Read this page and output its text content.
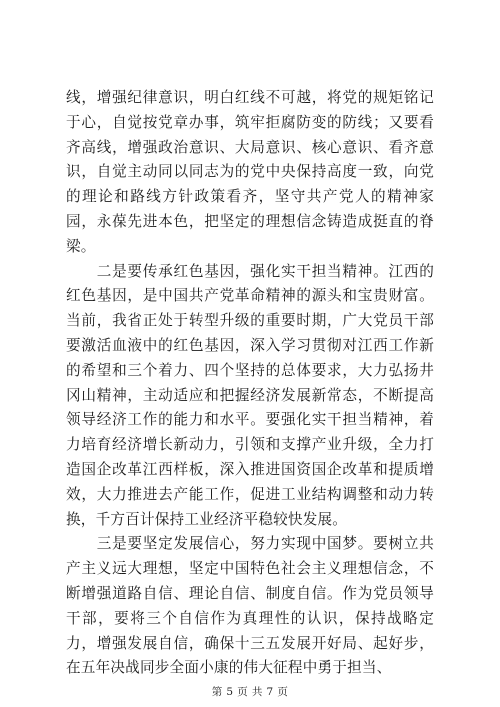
线，增强纪律意识，明白红线不可越，将党的规矩铭记于心，自觉按党章办事，筑牢拒腐防变的防线；又要看齐高线，增强政治意识、大局意识、核心意识、看齐意识，自觉主动同以同志为的党中央保持高度一致，向党的理论和路线方针政策看齐，坚守共产党人的精神家园，永葆先进本色，把坚定的理想信念铸造成挺直的脊梁。

　　二是要传承红色基因，强化实干担当精神。江西的红色基因，是中国共产党革命精神的源头和宝贵财富。当前，我省正处于转型升级的重要时期，广大党员干部要激活血液中的红色基因，深入学习贯彻对江西工作新的希望和三个着力、四个坚持的总体要求，大力弘扬井冈山精神，主动适应和把握经济发展新常态，不断提高领导经济工作的能力和水平。要强化实干担当精神，着力培育经济增长新动力，引领和支撑产业升级，全力打造国企改革江西样板，深入推进国资国企改革和提质增效，大力推进去产能工作，促进工业结构调整和动力转换，千方百计保持工业经济平稳较快发展。

　　三是要坚定发展信心，努力实现中国梦。要树立共产主义远大理想，坚定中国特色社会主义理想信念，不断增强道路自信、理论自信、制度自信。作为党员领导干部，要将三个自信作为真理性的认识，保持战略定力，增强发展自信，确保十三五发展开好局、起好步，在五年决战同步全面小康的伟大征程中勇于担当、

第 5 页 共 7 页
